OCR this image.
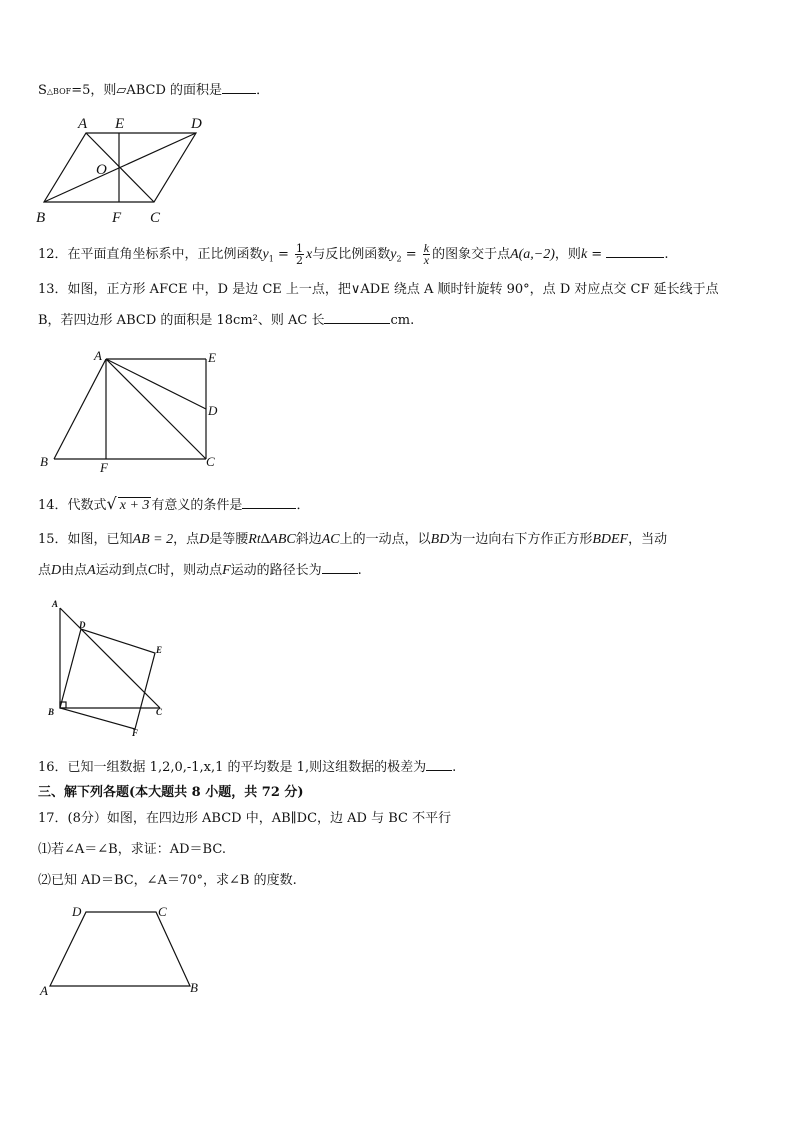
S△BOF=5，则▱ABCD 的面积是	．
A E	D
O
B	F C
12．在平面直角坐标系中，正比例函数$y_1 = \frac{1}{2}$ x与反比例函数$y_2 = \frac{k}{x}$ 的图象交于点A(a,−2)，则k =	.
13．如图，正方形 AFCE 中，D 是边 CE 上一点，把∨ADE 绕点 A 顺时针旋转 90°，点 D 对应点交 CF 延长线于点
B，若四边形 ABCD 的面积是 18cm²、则 AC 长	cm.
A	E
D
B	F	C
14．代数式√ x + 3 有意义的条件是	．
15．如图，已知AB = 2，点D是等腰Rt∆ABC斜边AC上的一动点，以BD为一边向右下方作正方形BDEF，当动
点D由点A运动到点C时，则动点F运动的路径长为	.
A
D
E
B
F
C
16．已知一组数据 1,2,0,-1,x,1 的平均数是 1,则这组数据的极差为 .
三、解下列各题(本大题共 8 小题，共 72 分)
17．(8分）如图，在四边形 ABCD 中，AB∥DC，边 AD 与 BC 不平行
⑴若∠A＝∠B，求证：AD＝BC.
⑵已知 AD＝BC，∠A＝70°，求∠B 的度数.
D	C
A	B
